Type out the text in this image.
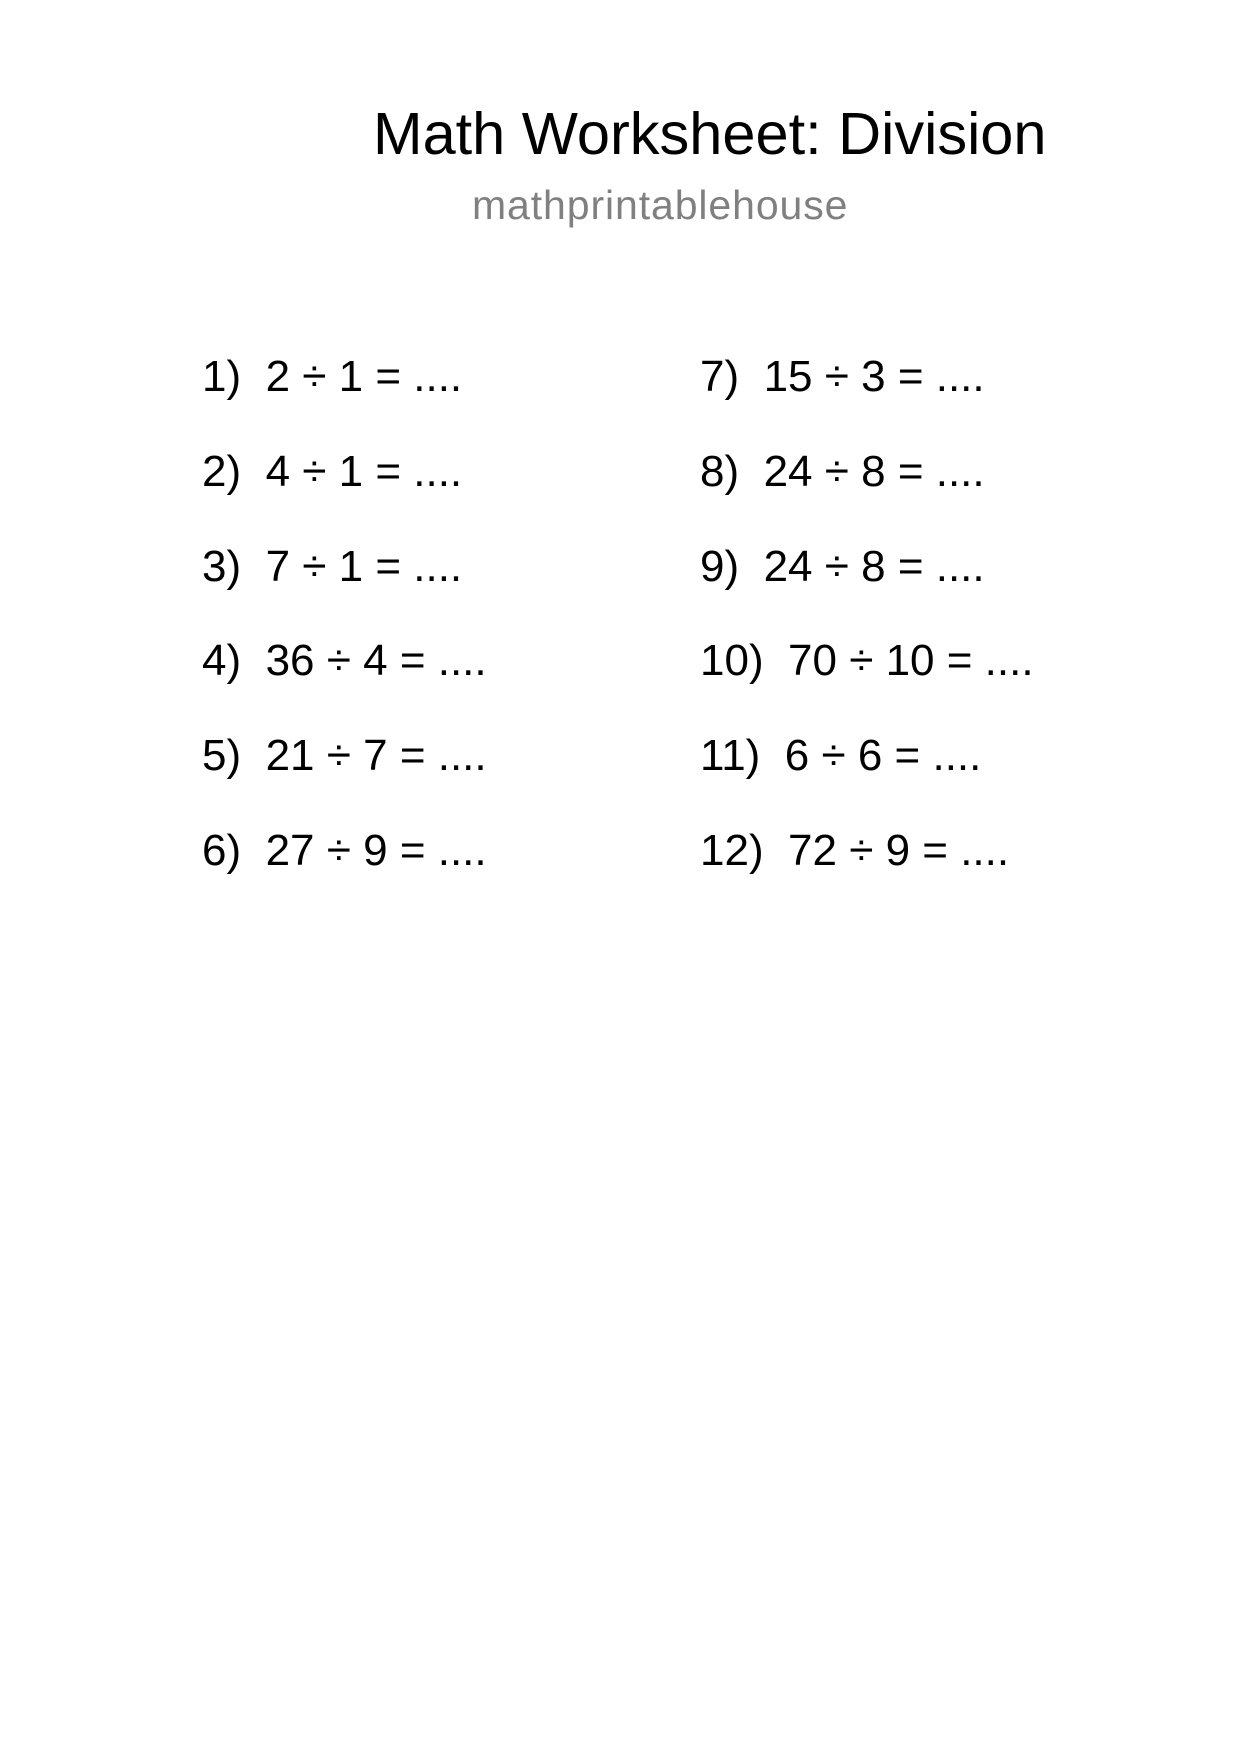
Math Worksheet: Division
mathprintablehouse
1) 2 ÷ 1 = ....
2) 4 ÷ 1 = ....
3) 7 ÷ 1 = ....
4) 36 ÷ 4 = ....
5) 21 ÷ 7 = ....
6) 27 ÷ 9 = ....
7) 15 ÷ 3 = ....
8) 24 ÷ 8 = ....
9) 24 ÷ 8 = ....
10) 70 ÷ 10 = ....
11) 6 ÷ 6 = ....
12) 72 ÷ 9 = ....
